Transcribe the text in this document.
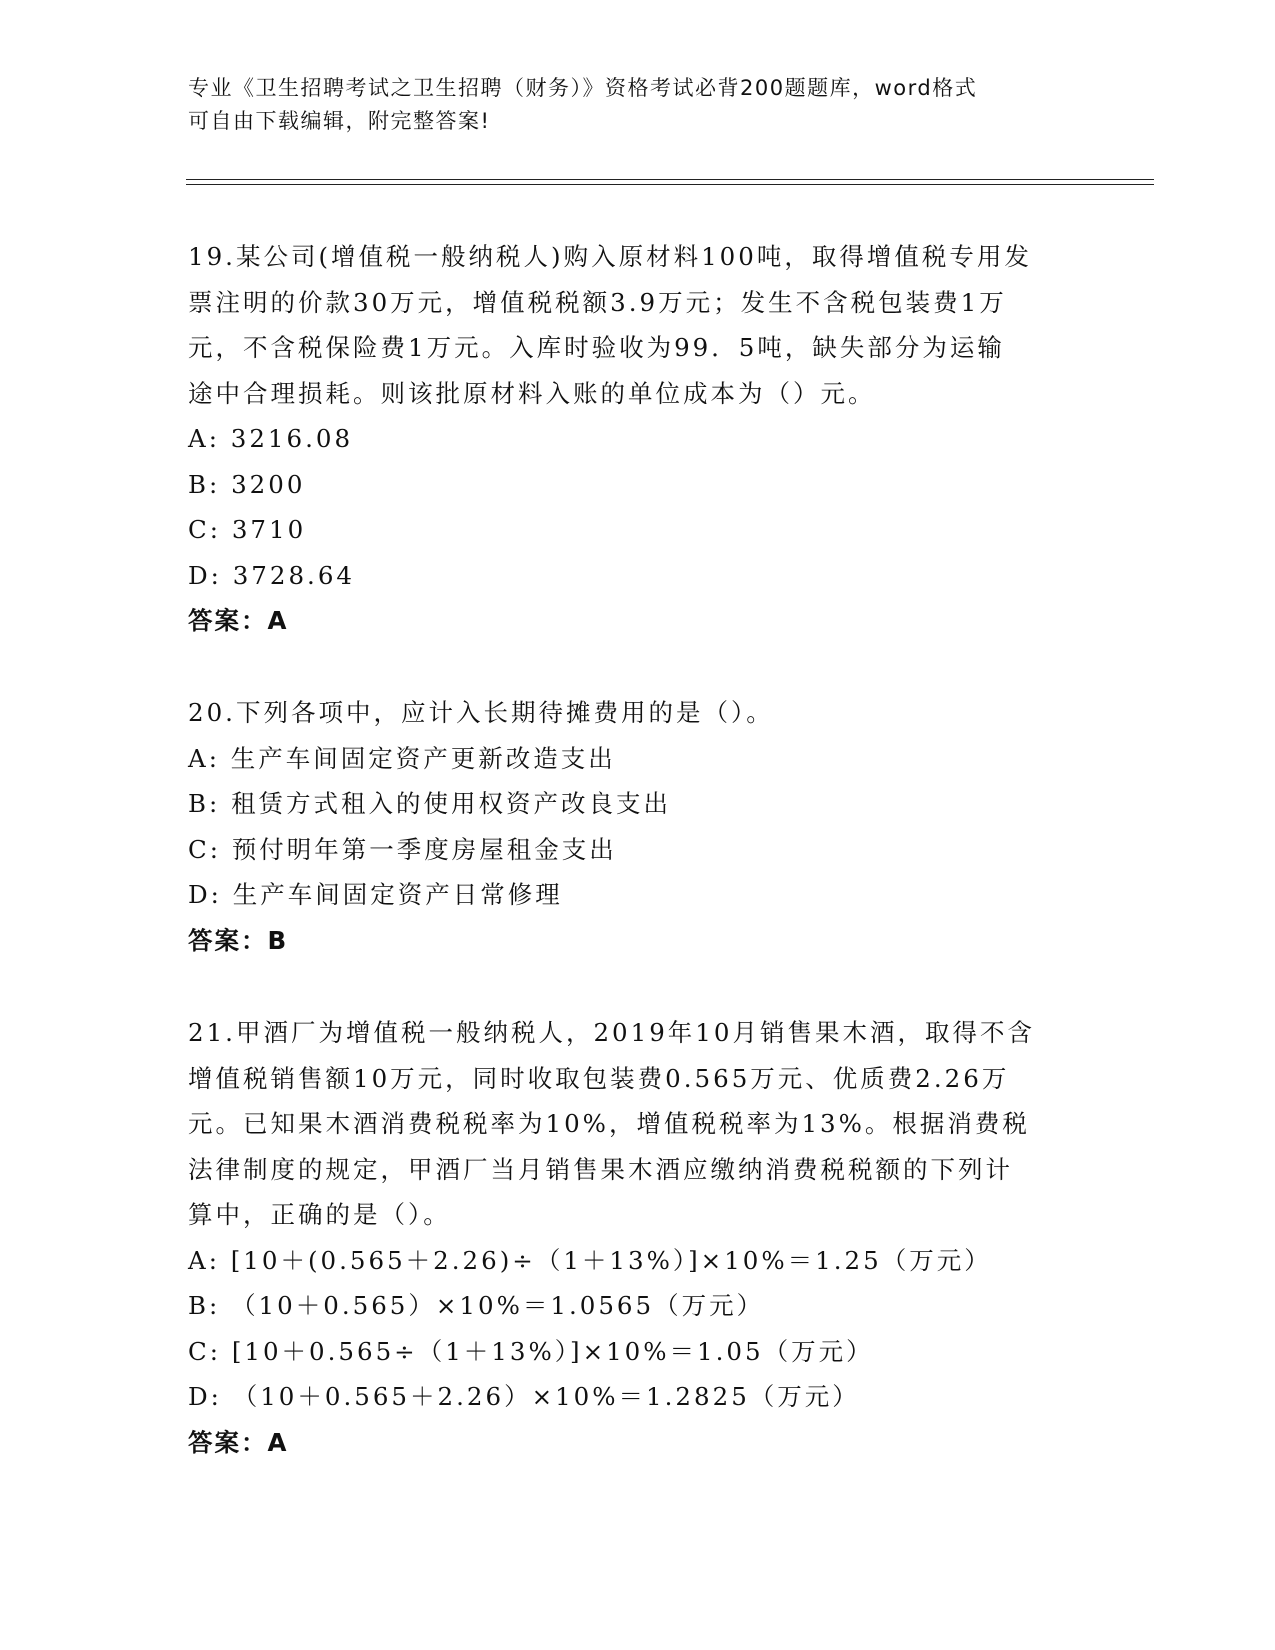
专业《卫生招聘考试之卫生招聘（财务）》资格考试必背200题题库，word格式
可自由下载编辑，附完整答案!
19.某公司(增值税一般纳税人)购入原材料100吨，取得增值税专用发
票注明的价款30万元，增值税税额3.9万元；发生不含税包装费1万
元，不含税保险费1万元。入库时验收为99．5吨，缺失部分为运输
途中合理损耗。则该批原材料入账的单位成本为（）元。
A: 3216.08
B: 3200
C: 3710
D: 3728.64
答案：A
20.下列各项中，应计入长期待摊费用的是（）。
A: 生产车间固定资产更新改造支出
B: 租赁方式租入的使用权资产改良支出
C: 预付明年第一季度房屋租金支出
D: 生产车间固定资产日常修理
答案：B
21.甲酒厂为增值税一般纳税人，2019年10月销售果木酒，取得不含
增值税销售额10万元，同时收取包装费0.565万元、优质费2.26万
元。已知果木酒消费税税率为10%，增值税税率为13%。根据消费税
法律制度的规定，甲酒厂当月销售果木酒应缴纳消费税税额的下列计
算中，正确的是（）。
A: [10＋(0.565＋2.26)÷（1＋13%）]×10%＝1.25（万元）
B: （10＋0.565）×10%＝1.0565（万元）
C: [10＋0.565÷（1＋13%）]×10%＝1.05（万元）
D: （10＋0.565＋2.26）×10%＝1.2825（万元）
答案：A
